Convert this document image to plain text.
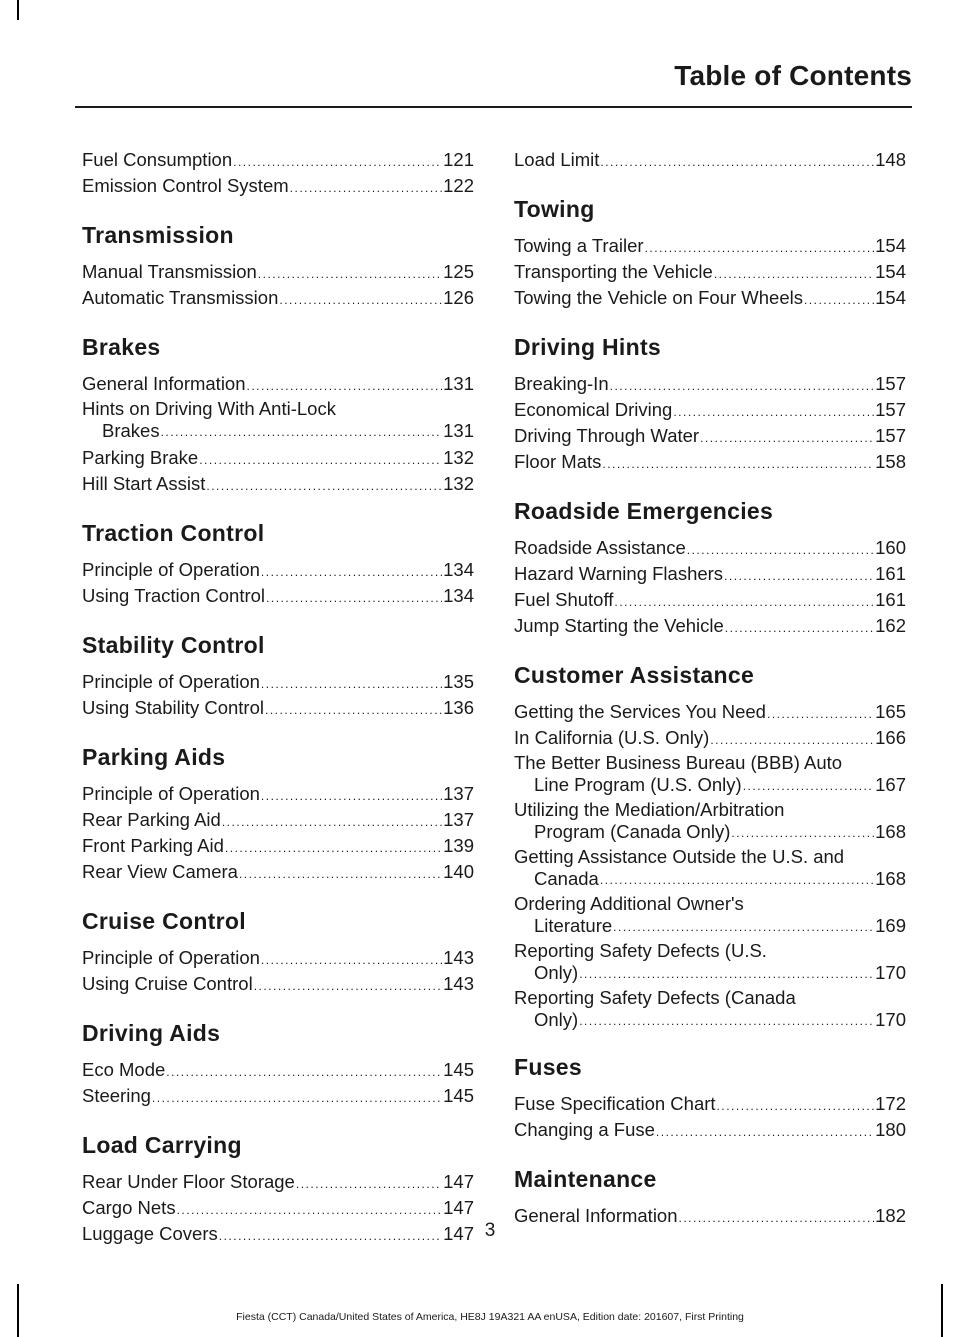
Table of Contents
Fuel Consumption .....	121
Emission Control System .....	122
Transmission
Manual Transmission .....	125
Automatic Transmission .....	126
Brakes
General Information .....	131
Hints on Driving With Anti-Lock
Brakes .....	131
Parking Brake .....	132
Hill Start Assist .....	132
Traction Control
Principle of Operation .....	134
Using Traction Control .....	134
Stability Control
Principle of Operation .....	135
Using Stability Control .....	136
Parking Aids
Principle of Operation .....	137
Rear Parking Aid .....	137
Front Parking Aid .....	139
Rear View Camera .....	140
Cruise Control
Principle of Operation .....	143
Using Cruise Control .....	143
Driving Aids
Eco Mode .....	145
Steering .....	145
Load Carrying
Rear Under Floor Storage .....	147
Cargo Nets .....	147
Luggage Covers .....	147
Load Limit .....	148
Towing
Towing a Trailer .....	154
Transporting the Vehicle .....	154
Towing the Vehicle on Four Wheels .....	154
Driving Hints
Breaking-In .....	157
Economical Driving .....	157
Driving Through Water .....	157
Floor Mats .....	158
Roadside Emergencies
Roadside Assistance .....	160
Hazard Warning Flashers .....	161
Fuel Shutoff .....	161
Jump Starting the Vehicle .....	162
Customer Assistance
Getting the Services You Need .....	165
In California (U.S. Only) .....	166
The Better Business Bureau (BBB) Auto
Line Program (U.S. Only) .....	167
Utilizing the Mediation/Arbitration
Program (Canada Only) .....	168
Getting Assistance Outside the U.S. and
Canada .....	168
Ordering Additional Owner's
Literature .....	169
Reporting Safety Defects (U.S.
Only) .....	170
Reporting Safety Defects (Canada
Only) .....	170
Fuses
Fuse Specification Chart .....	172
Changing a Fuse .....	180
Maintenance
General Information .....	182
3
Fiesta (CCT) Canada/United States of America, HE8J 19A321 AA enUSA, Edition date: 201607, First Printing
